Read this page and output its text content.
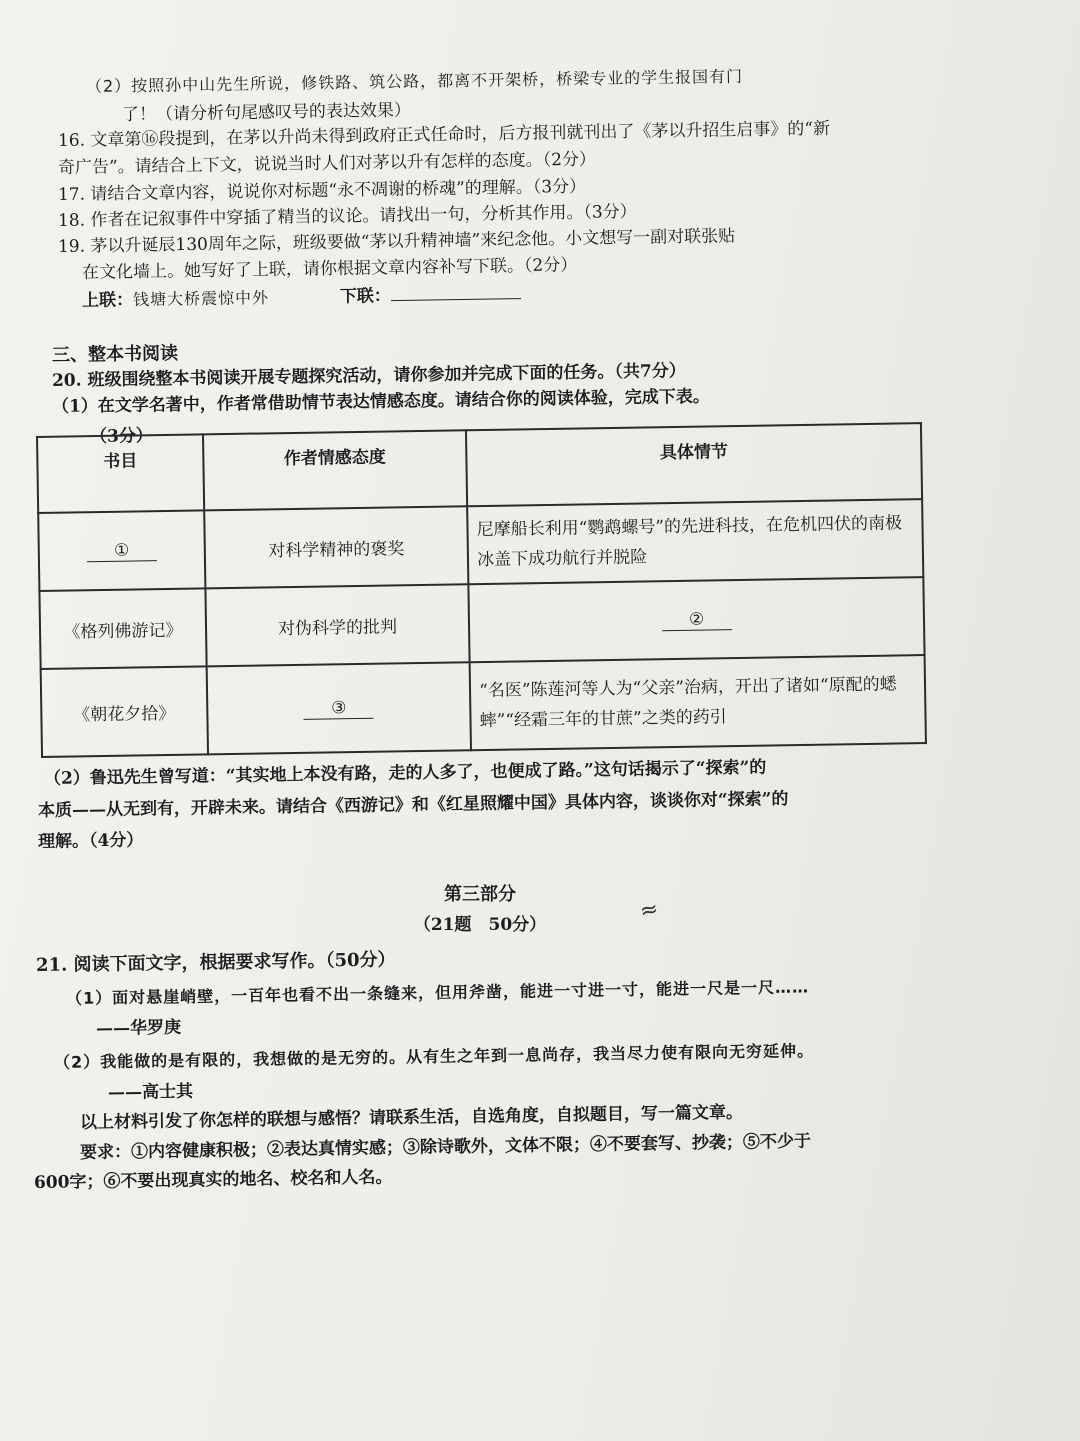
（2）按照孙中山先生所说，修铁路、筑公路，都离不开架桥，桥梁专业的学生报国有门
了！（请分析句尾感叹号的表达效果）
16. 文章第⑯段提到，在茅以升尚未得到政府正式任命时，后方报刊就刊出了《茅以升招生启事》的“新
奇广告”。请结合上下文，说说当时人们对茅以升有怎样的态度。（2分）
17. 请结合文章内容，说说你对标题“永不凋谢的桥魂”的理解。（3分）
18. 作者在记叙事件中穿插了精当的议论。请找出一句，分析其作用。（3分）
19. 茅以升诞辰130周年之际，班级要做“茅以升精神墙”来纪念他。小文想写一副对联张贴
在文化墙上。她写好了上联，请你根据文章内容补写下联。（2分）
上联：钱塘大桥震惊中外	下联：
三、整本书阅读
20. 班级围绕整本书阅读开展专题探究活动，请你参加并完成下面的任务。（共7分）
（1）在文学名著中，作者常借助情节表达情感态度。请结合你的阅读体验，完成下表。
（3分）
书目	作者情感态度	具体情节
①	对科学精神的褒奖	尼摩船长利用“鹦鹉螺号”的先进科技，在危机四伏的南极冰盖下成功航行并脱险
《格列佛游记》	对伪科学的批判	②
《朝花夕拾》	③	“名医”陈莲河等人为“父亲”治病，开出了诸如“原配的蟋蟀”“经霜三年的甘蔗”之类的药引
（2）鲁迅先生曾写道：“其实地上本没有路，走的人多了，也便成了路。”这句话揭示了“探索”的
本质——从无到有，开辟未来。请结合《西游记》和《红星照耀中国》具体内容，谈谈你对“探索”的
理解。（4分）
第三部分
（21题　50分）
≈
21. 阅读下面文字，根据要求写作。（50分）
（1）面对悬崖峭壁，一百年也看不出一条缝来，但用斧凿，能进一寸进一寸，能进一尺是一尺……
——华罗庚
（2）我能做的是有限的，我想做的是无穷的。从有生之年到一息尚存，我当尽力使有限向无穷延伸。
——高士其
以上材料引发了你怎样的联想与感悟？请联系生活，自选角度，自拟题目，写一篇文章。
要求：①内容健康积极；②表达真情实感；③除诗歌外，文体不限；④不要套写、抄袭；⑤不少于
600字；⑥不要出现真实的地名、校名和人名。
